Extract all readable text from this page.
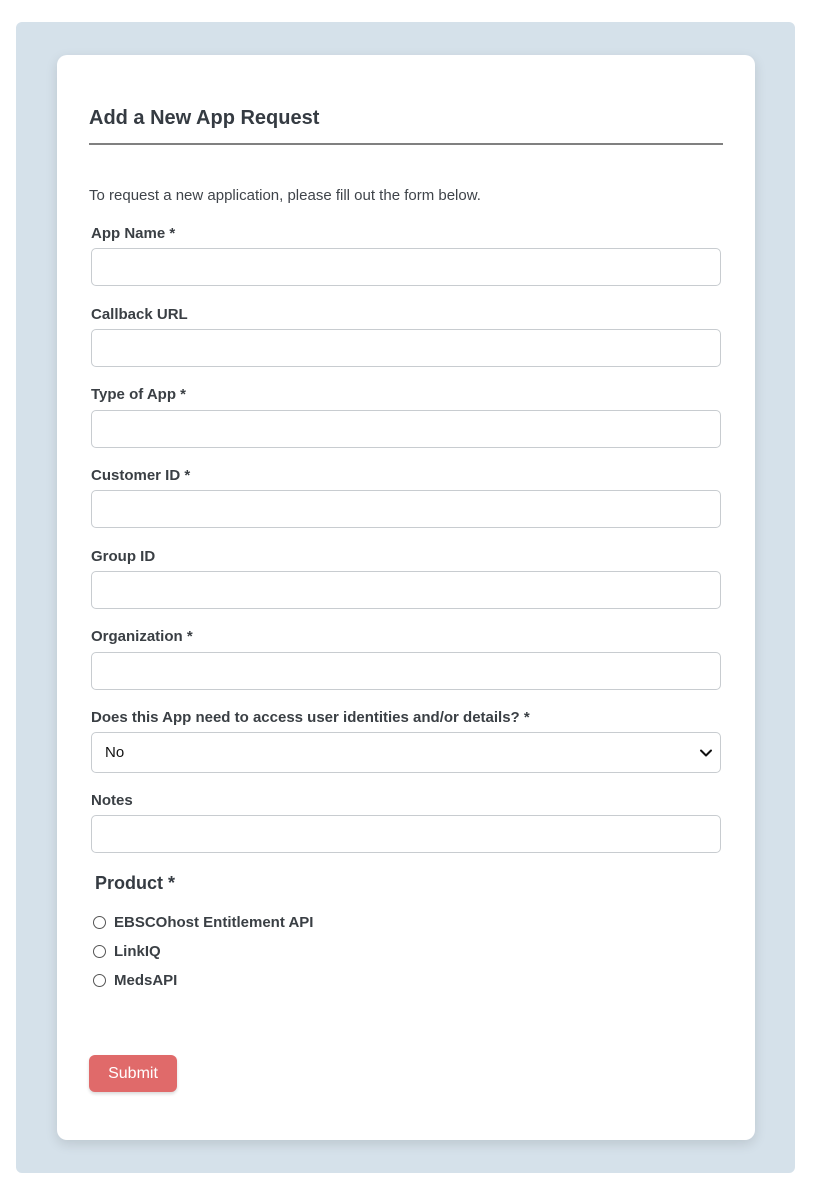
Add a New App Request
To request a new application, please fill out the form below.
App Name *
Callback URL
Type of App *
Customer ID *
Group ID
Organization *
Does this App need to access user identities and/or details? *
No
Notes
Product *
EBSCOhost Entitlement API
LinkIQ
MedsAPI
Submit
